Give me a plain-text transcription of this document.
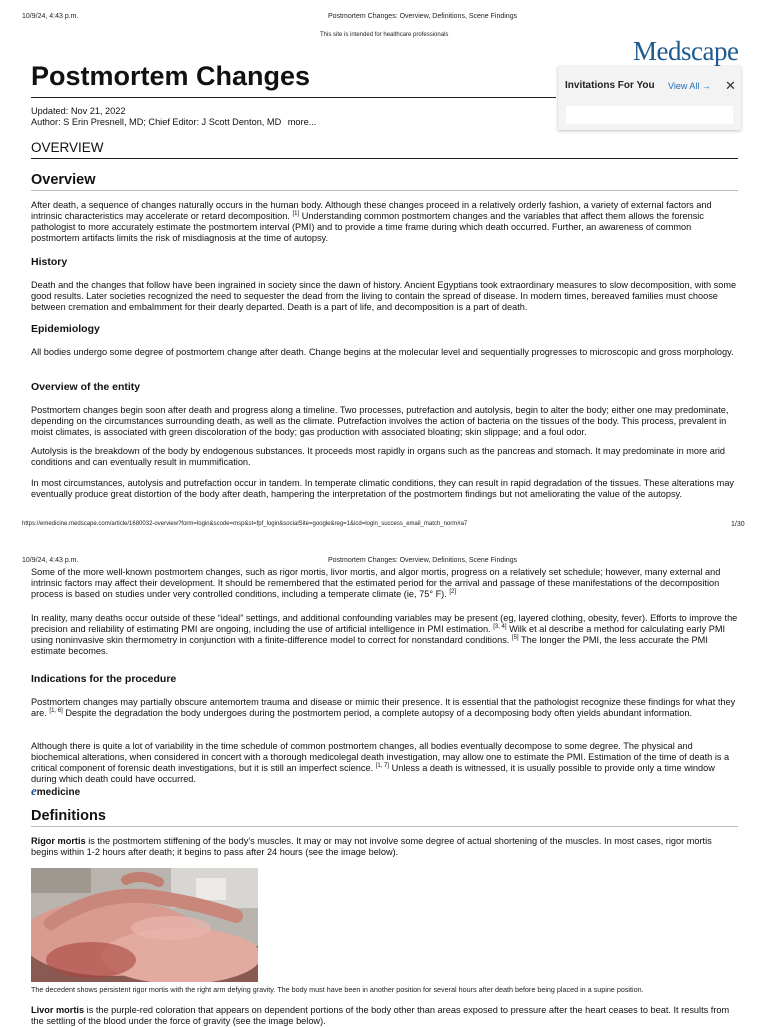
10/9/24, 4:43 p.m.	Postmortem Changes: Overview, Definitions, Scene Findings
This site is intended for healthcare professionals
Medscape
Postmortem Changes	Invitations For You View All → ✕
Updated: Nov 21, 2022
Author: S Erin Presnell, MD; Chief Editor: J Scott Denton, MD more...
OVERVIEW
Overview
After death, a sequence of changes naturally occurs in the human body. Although these changes proceed in a relatively orderly fashion, a variety of external factors and intrinsic characteristics may accelerate or retard decomposition. [1] Understanding common postmortem changes and the variables that affect them allows the forensic pathologist to more accurately estimate the postmortem interval (PMI) and to provide a time frame during which death occurred. Further, an awareness of common postmortem artifacts limits the risk of misdiagnosis at the time of autopsy.
History
Death and the changes that follow have been ingrained in society since the dawn of history. Ancient Egyptians took extraordinary measures to slow decomposition, with some good results. Later societies recognized the need to sequester the dead from the living to contain the spread of disease. In modern times, bereaved families must choose between cremation and embalmment for their dearly departed. Death is a part of life, and decomposition is a part of death.
Epidemiology
All bodies undergo some degree of postmortem change after death. Change begins at the molecular level and sequentially progresses to microscopic and gross morphology.
Overview of the entity
Postmortem changes begin soon after death and progress along a timeline. Two processes, putrefaction and autolysis, begin to alter the body; either one may predominate, depending on the circumstances surrounding death, as well as the climate. Putrefaction involves the action of bacteria on the tissues of the body. This process, prevalent in moist climates, is associated with green discoloration of the body; gas production with associated bloating; skin slippage; and a foul odor.
Autolysis is the breakdown of the body by endogenous substances. It proceeds most rapidly in organs such as the pancreas and stomach. It may predominate in more arid conditions and can eventually result in mummification.
In most circumstances, autolysis and putrefaction occur in tandem. In temperate climatic conditions, they can result in rapid degradation of the tissues. These alterations may eventually produce great distortion of the body after death, hampering the interpretation of the postmortem findings but not ameliorating the value of the autopsy.
https://emedicine.medscape.com/article/1680032-overview?form=login&scode=msp&st=fpf_login&socialSite=google&reg=1&icd=login_success_email_match_norm#a7	1/30
10/9/24, 4:43 p.m.	Postmortem Changes: Overview, Definitions, Scene Findings
Some of the more well-known postmortem changes, such as rigor mortis, livor mortis, and algor mortis, progress on a relatively set schedule; however, many external and intrinsic factors may affect their development. It should be remembered that the estimated period for the arrival and passage of these manifestations of the decomposition process is based on studies under very controlled conditions, including a temperate climate (ie, 75° F). [2]
In reality, many deaths occur outside of these “ideal” settings, and additional confounding variables may be present (eg, layered clothing, obesity, fever). Efforts to improve the precision and reliability of estimating PMI are ongoing, including the use of artificial intelligence in PMI estimation. [3, 4] Wilk et al describe a method for calculating early PMI using noninvasive skin thermometry in conjunction with a finite-difference model to correct for nonstandard conditions. [5] The longer the PMI, the less accurate the PMI estimate becomes.
Indications for the procedure
Postmortem changes may partially obscure antemortem trauma and disease or mimic their presence. It is essential that the pathologist recognize these findings for what they are. [1, 6] Despite the degradation the body undergoes during the postmortem period, a complete autopsy of a decomposing body often yields abundant information.
Although there is quite a lot of variability in the time schedule of common postmortem changes, all bodies eventually decompose to some degree. The physical and biochemical alterations, when considered in concert with a thorough medicolegal death investigation, may allow one to estimate the PMI. Estimation of the time of death is a critical component of forensic death investigations, but it is still an imperfect science. [1, 7] Unless a death is witnessed, it is usually possible to provide only a time window during which death could have occurred.
emedicine
Definitions
Rigor mortis is the postmortem stiffening of the body's muscles. It may or may not involve some degree of actual shortening of the muscles. In most cases, rigor mortis begins within 1-2 hours after death; it begins to pass after 24 hours (see the image below).
The decedent shows persistent rigor mortis with the right arm defying gravity. The body must have been in another position for several hours after death before being placed in a supine position.
Livor mortis is the purple-red coloration that appears on dependent portions of the body other than areas exposed to pressure after the heart ceases to beat. It results from the settling of the blood under the force of gravity (see the image below).
